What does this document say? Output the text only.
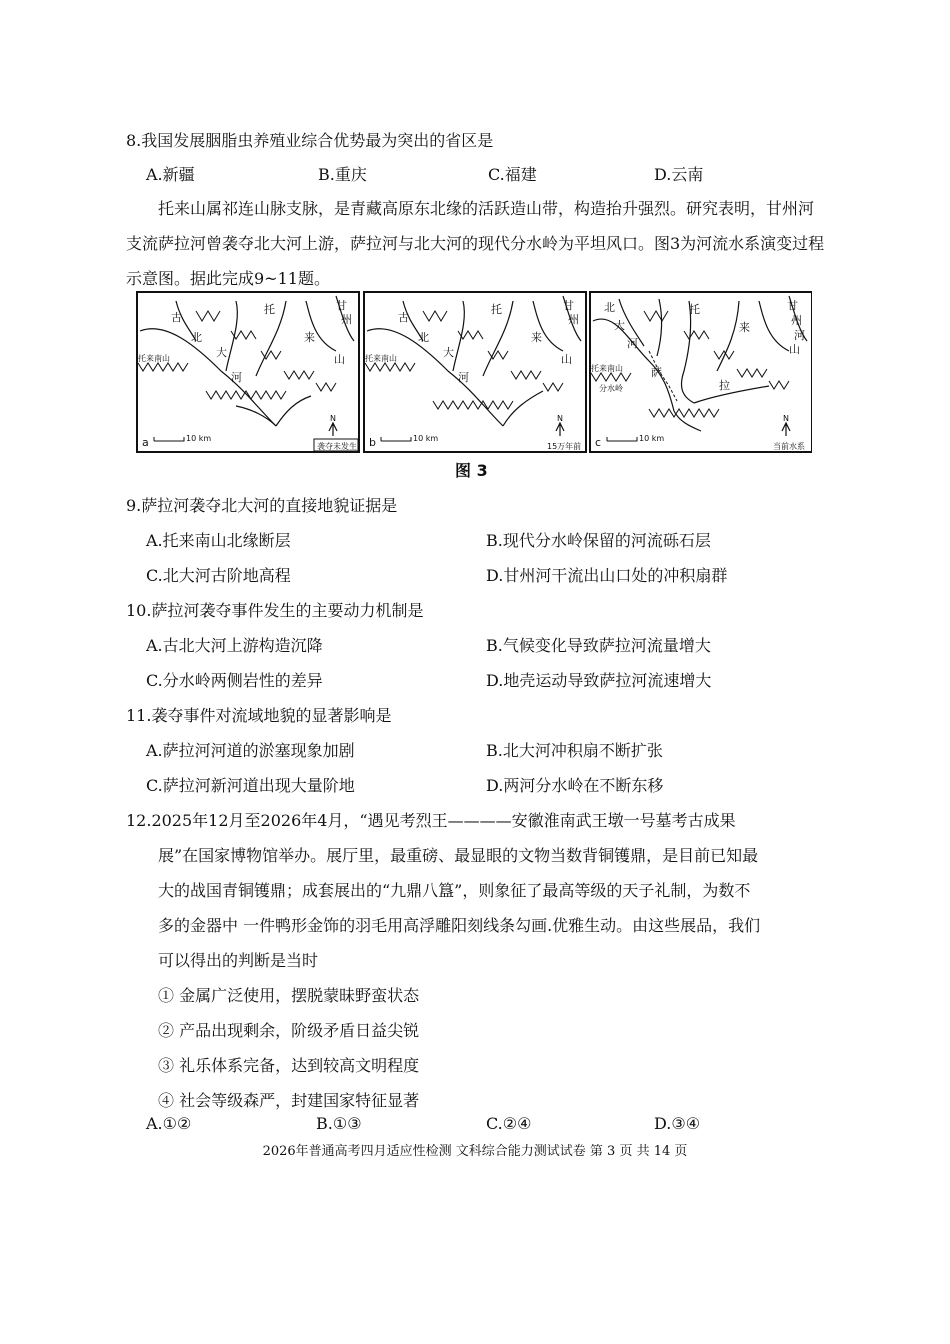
8.我国发展胭脂虫养殖业综合优势最为突出的省区是
A.新疆	B.重庆	C.福建	D.云南

托来山属祁连山脉支脉，是青藏高原东北缘的活跃造山带，构造抬升强烈。研究表明，甘州河支流萨拉河曾袭夺北大河上游，萨拉河与北大河的现代分水岭为平坦风口。图3为河流水系演变过程示意图。据此完成9~11题。

古
北
大
河
托
来
山
甘
州
托来南山
a	10 km
N
袭夺未发生
古
北
大
河
托
来
山
甘
州
托来南山
b	10 km
N
15万年前
北
大
河
托
来
山
甘
州
河
萨
拉
托来南山
分水岭
c	10 km
N
当前水系
图 3
9.萨拉河袭夺北大河的直接地貌证据是
A.托来南山北缘断层	B.现代分水岭保留的河流砾石层
C.北大河古阶地高程	D.甘州河干流出山口处的冲积扇群
10.萨拉河袭夺事件发生的主要动力机制是
A.古北大河上游构造沉降	B.气候变化导致萨拉河流量增大
C.分水岭两侧岩性的差异	D.地壳运动导致萨拉河流速增大
11.袭夺事件对流域地貌的显著影响是
A.萨拉河河道的淤塞现象加剧	B.北大河冲积扇不断扩张
C.萨拉河新河道出现大量阶地	D.两河分水岭在不断东移

12.2025年12月至2026年4月，“遇见考烈王————安徽淮南武王墩一号墓考古成果

展”在国家博物馆举办。展厅里，最重磅、最显眼的文物当数背铜镬鼎，是目前已知最

大的战国青铜镬鼎；成套展出的“九鼎八簋”，则象征了最高等级的天子礼制，为数不

多的金器中 一件鸭形金饰的羽毛用高浮雕阳刻线条勾画.优雅生动。由这些展品，我们

可以得出的判断是当时

① 金属广泛使用，摆脱蒙昧野蛮状态

② 产品出现剩余，阶级矛盾日益尖锐

③ 礼乐体系完备，达到较高文明程度

④ 社会等级森严，封建国家特征显著

A.①②	B.①③	C.②④	D.③④
2026年普通高考四月适应性检测 文科综合能力测试试卷 第 3 页 共 14 页
